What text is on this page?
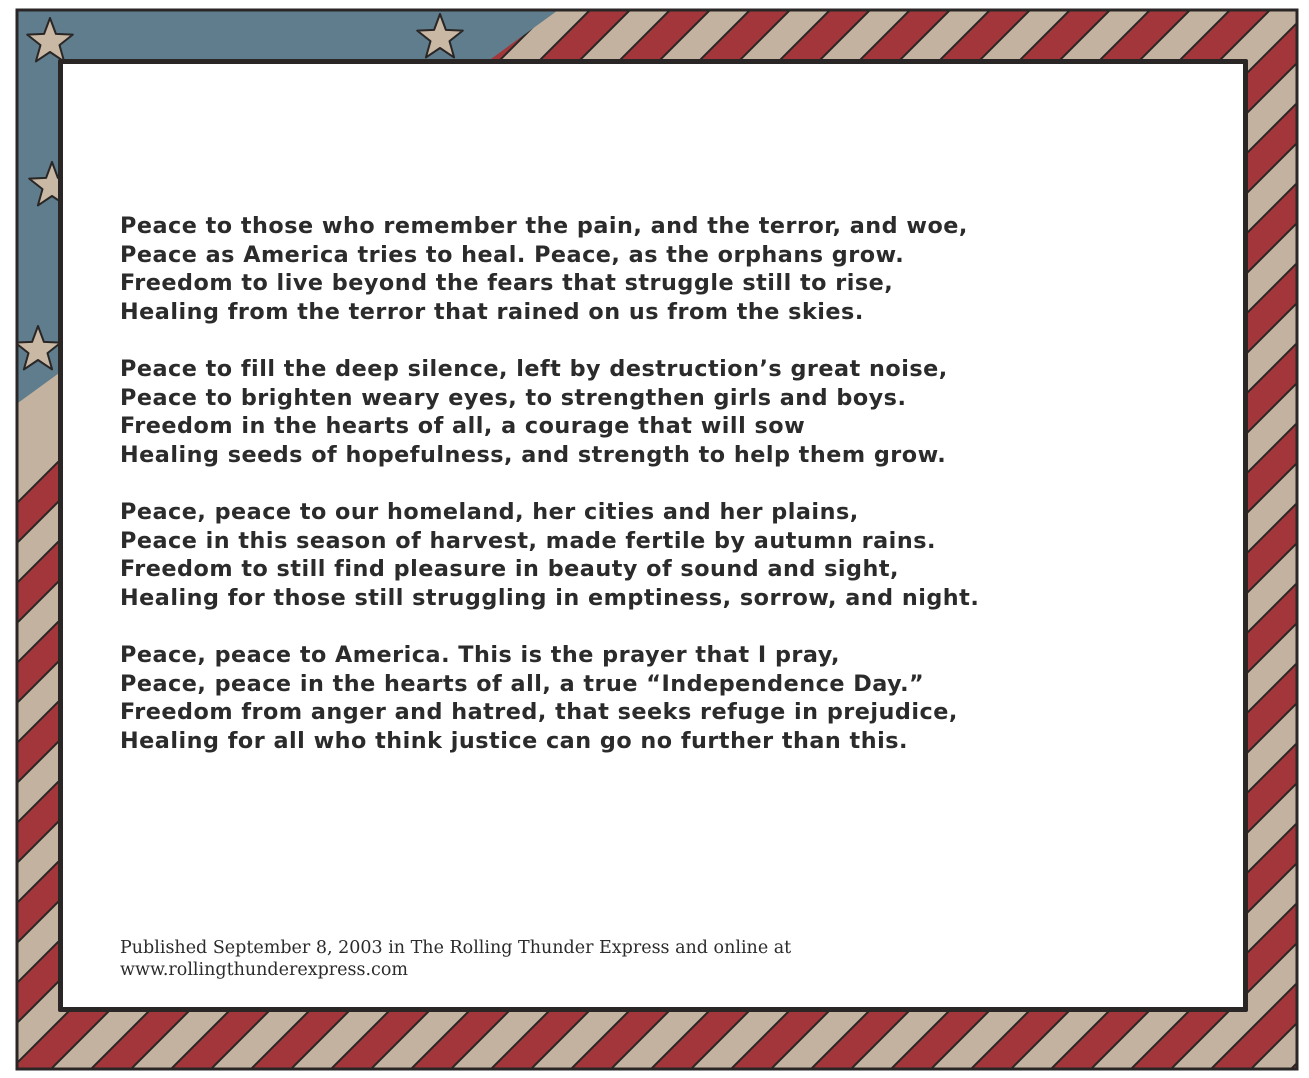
Peace to those who remember the pain, and the terror, and woe,
Peace as America tries to heal. Peace, as the orphans grow.
Freedom to live beyond the fears that struggle still to rise,
Healing from the terror that rained on us from the skies.
Peace to fill the deep silence, left by destruction’s great noise,
Peace to brighten weary eyes, to strengthen girls and boys.
Freedom in the hearts of all, a courage that will sow
Healing seeds of hopefulness, and strength to help them grow.
Peace, peace to our homeland, her cities and her plains,
Peace in this season of harvest, made fertile by autumn rains.
Freedom to still find pleasure in beauty of sound and sight,
Healing for those still struggling in emptiness, sorrow, and night.
Peace, peace to America. This is the prayer that I pray,
Peace, peace in the hearts of all, a true “Independence Day.”
Freedom from anger and hatred, that seeks refuge in prejudice,
Healing for all who think justice can go no further than this.
Published September 8, 2003 in The Rolling Thunder Express and online at
www.rollingthunderexpress.com
